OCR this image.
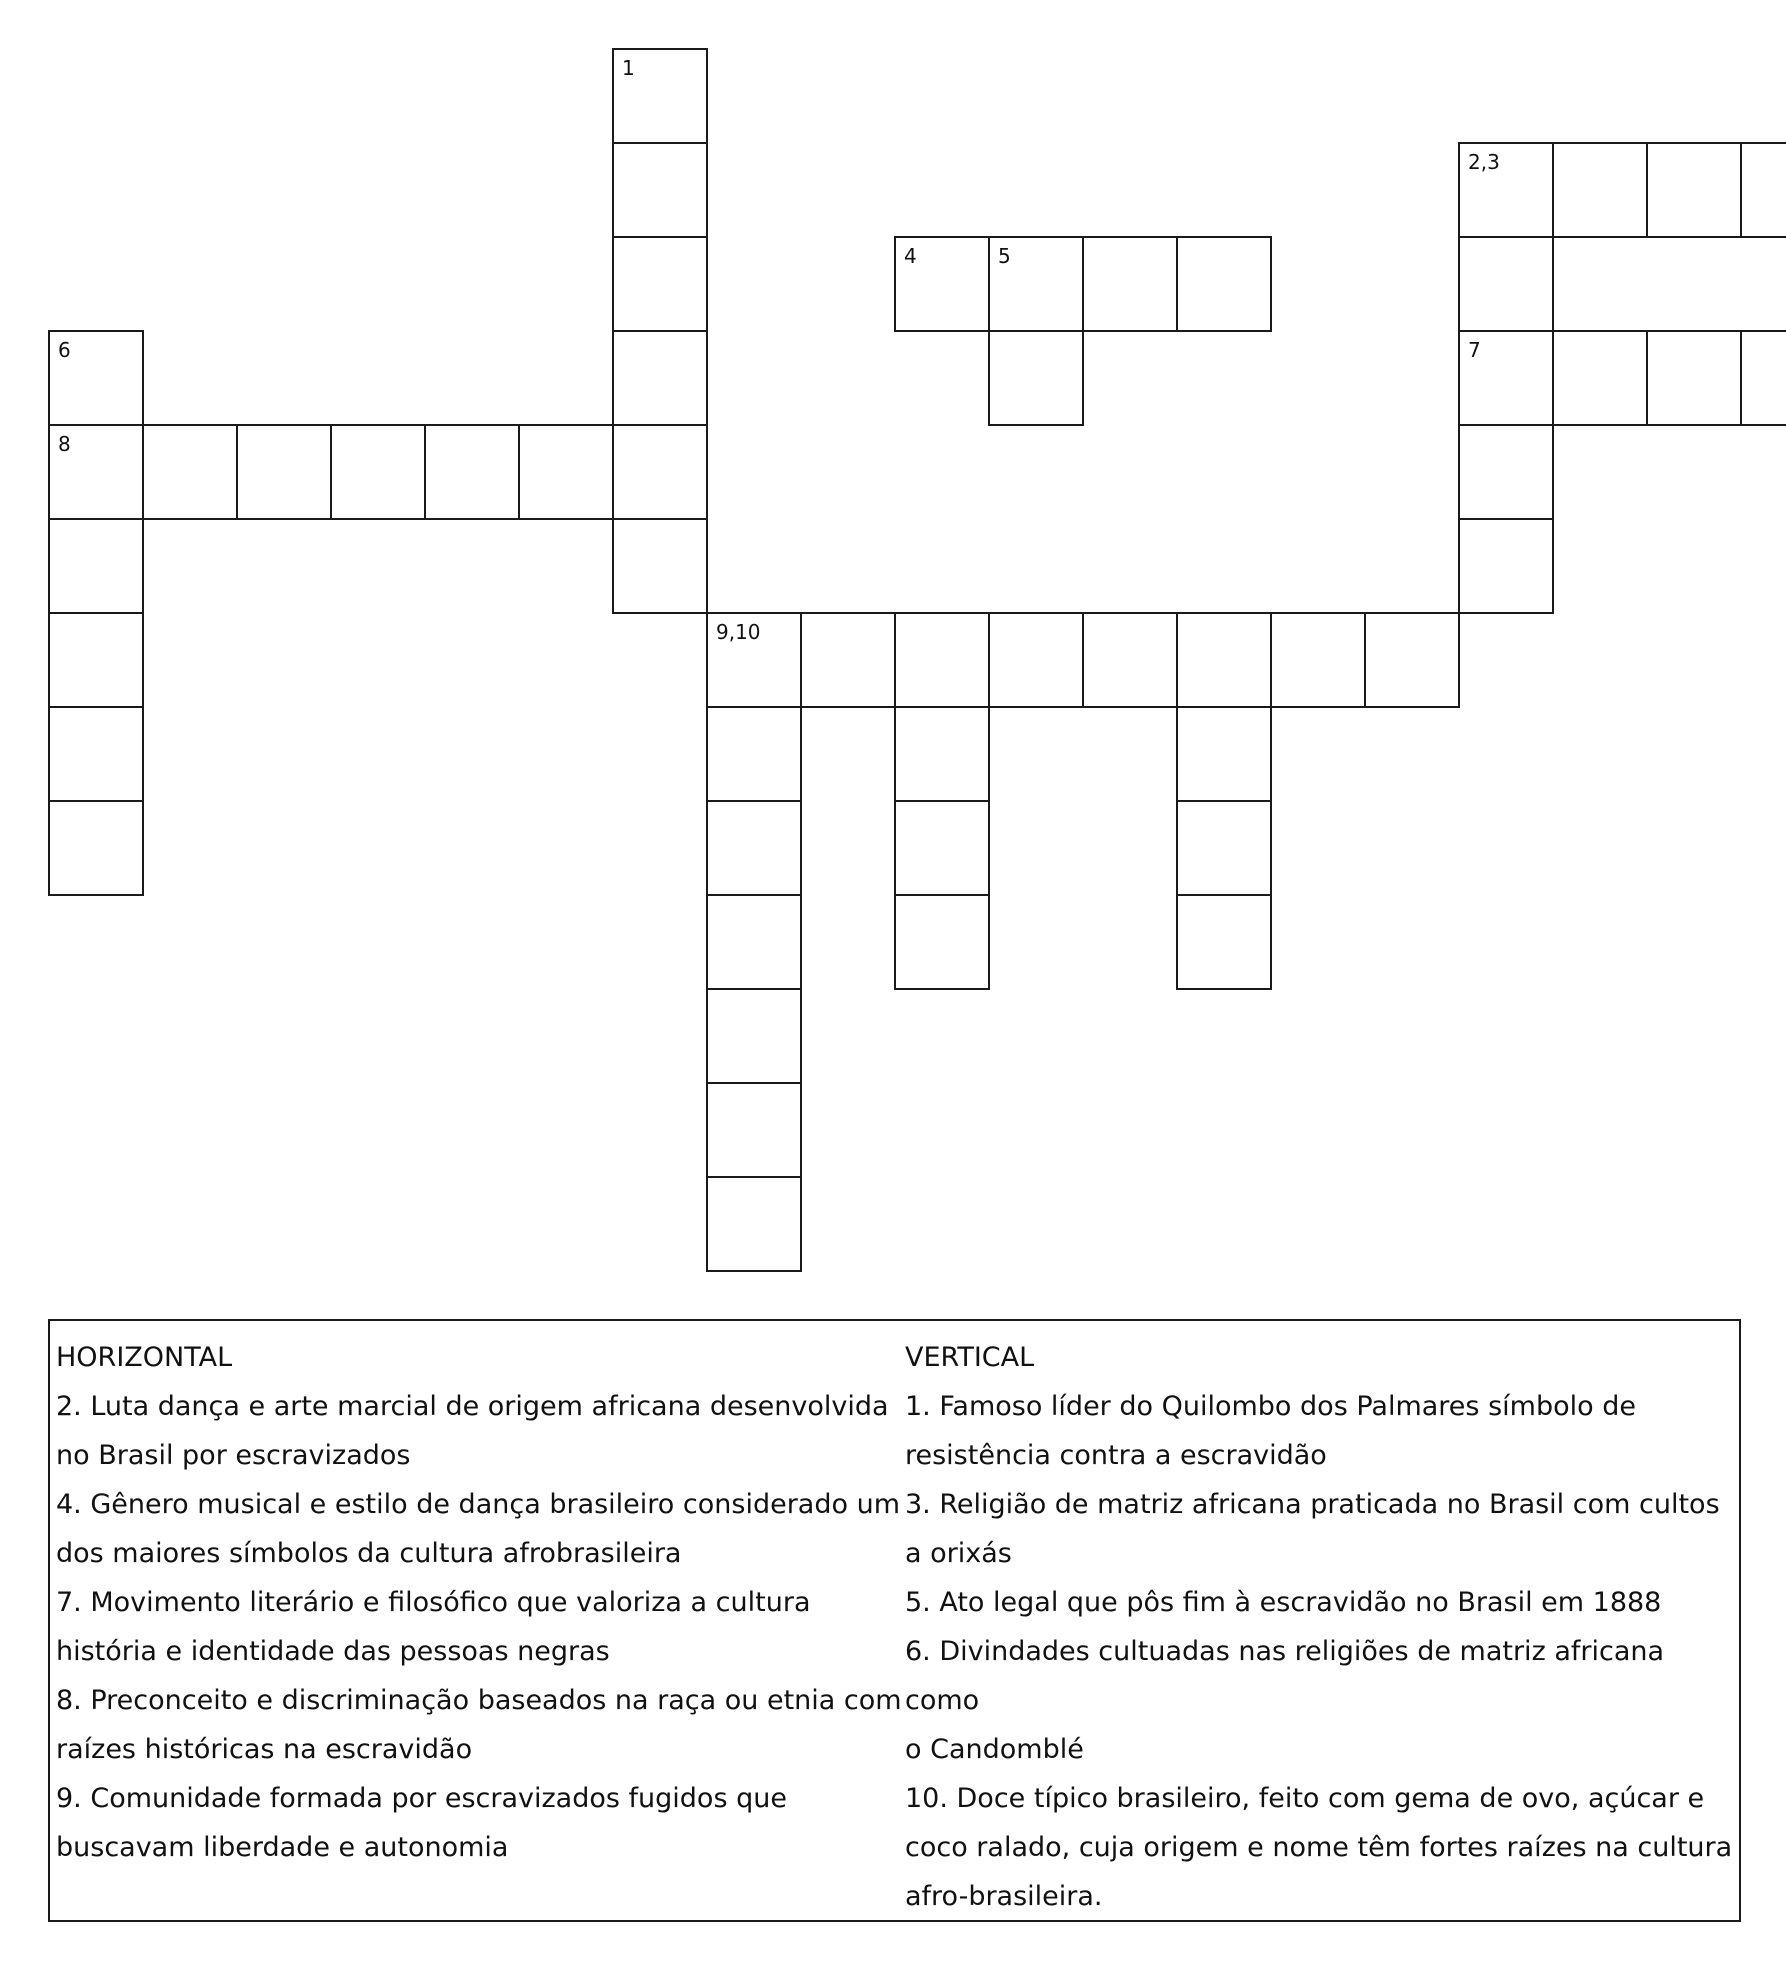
1
2,3
4	5
6	7
8
9,10
HORIZONTAL

2. Luta dança e arte marcial de origem africana desenvolvida

no Brasil por escravizados

4. Gênero musical e estilo de dança brasileiro considerado um

dos maiores símbolos da cultura afrobrasileira

7. Movimento literário e filosófico que valoriza a cultura

história e identidade das pessoas negras

8. Preconceito e discriminação baseados na raça ou etnia com

raízes históricas na escravidão

9. Comunidade formada por escravizados fugidos que

buscavam liberdade e autonomia

VERTICAL

1. Famoso líder do Quilombo dos Palmares símbolo de

resistência contra a escravidão

3. Religião de matriz africana praticada no Brasil com cultos

a orixás

5. Ato legal que pôs fim à escravidão no Brasil em 1888

6. Divindades cultuadas nas religiões de matriz africana como

o Candomblé

10. Doce típico brasileiro, feito com gema de ovo, açúcar e

coco ralado, cuja origem e nome têm fortes raízes na cultura

afro-brasileira.
